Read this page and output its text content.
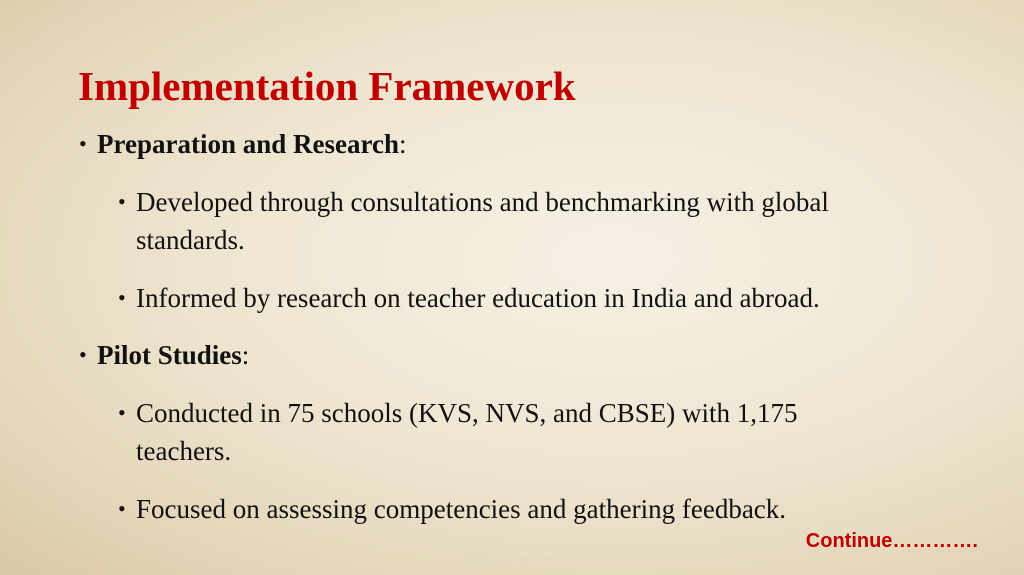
Implementation Framework
• Preparation and Research:
• Developed through consultations and benchmarking with global standards.
• Informed by research on teacher education in India and abroad.
• Pilot Studies:
• Conducted in 75 schools (KVS, NVS, and CBSE) with 1,175 teachers.
• Focused on assessing competencies and gathering feedback.
Continue………….
SlidesCorner.com
